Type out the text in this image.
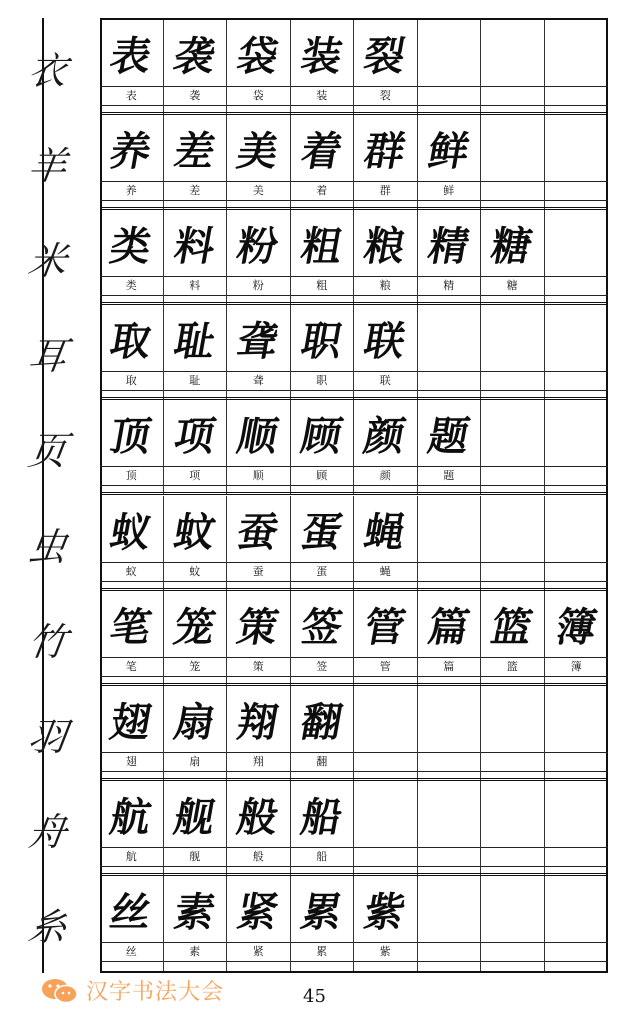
衣 表
表
袭
袭
袋
袋
装
装
裂
裂
羊 养
养
差
差
美
美
着
着
群
群
鲜
鲜
米 类
类
料
料
粉
粉
粗
粗
粮
粮
精
精
糖
糖
耳 取
取
耻
耻
聋
聋
职
职
联
联
页 顶
顶
项
项
顺
顺
顾
顾
颜
颜
题
题
虫 蚁
蚁
蚊
蚊
蚕
蚕
蛋
蛋
蝇
蝇
竹 笔
笔
笼
笼
策
策
签
签
管
管
篇
篇
篮
篮
簿
簿
羽 翅
翅
扇
扇
翔
翔
翻
翻
舟 航
航
舰
舰
般
般
船
船
糸 丝
丝
素
素
紧
紧
累
累
紫
紫
汉字书法大会	45
